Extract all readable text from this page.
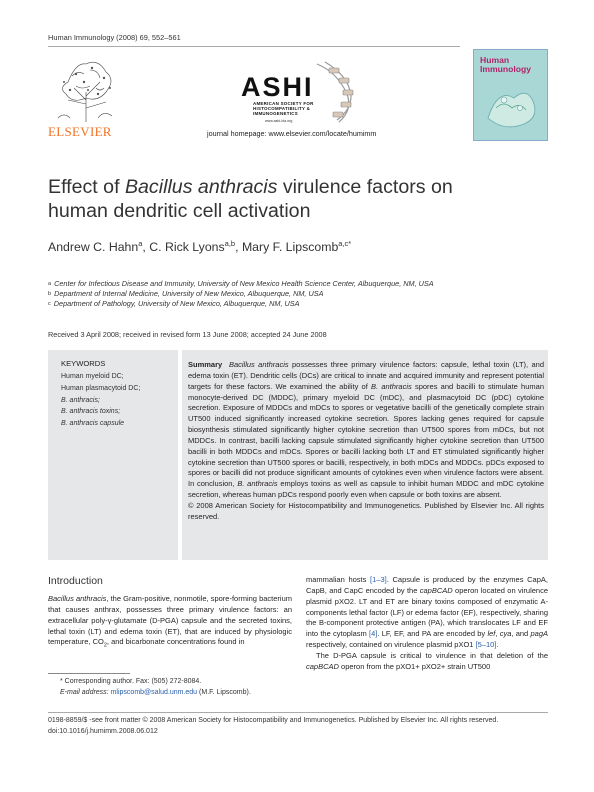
Human Immunology (2008) 69, 552–561
ELSEVIER
ASHI
AMERICAN SOCIETY FOR HISTOCOMPATIBILITY & IMMUNOGENETICS
www.ashi-hla.org
journal homepage: www.elsevier.com/locate/humimm
Human Immunology
Effect of Bacillus anthracis virulence factors on human dendritic cell activation
Andrew C. Hahn$^a$, C. Rick Lyons$^{a,b}$, Mary F. Lipscomb$^{a,c*}$
$^a$ Center for Infectious Disease and Immunity, University of New Mexico Health Science Center, Albuquerque, NM, USA
$^b$ Department of Internal Medicine, University of New Mexico, Albuquerque, NM, USA
$^c$ Department of Pathology, University of New Mexico, Albuquerque, NM, USA
Received 3 April 2008; received in revised form 13 June 2008; accepted 24 June 2008
KEYWORDS
Human myeloid DC;
Human plasmacytoid DC;
B. anthracis;
B. anthracis toxins;
B. anthracis capsule
Summary Bacillus anthracis possesses three primary virulence factors: capsule, lethal toxin (LT), and edema toxin (ET). Dendritic cells (DCs) are critical to innate and acquired immunity and represent potential targets for these factors. We examined the ability of B. anthracis spores and bacilli to stimulate human monocyte-derived DC (MDDC), primary myeloid DC (mDC), and plasmacytoid DC (pDC) cytokine secretion. Exposure of MDDCs and mDCs to spores or vegetative bacilli of the genetically complete strain UT500 induced significantly increased cytokine secretion. Spores lacking genes required for capsule biosynthesis stimulated significantly higher cytokine secretion than UT500 spores from mDCs, but not MDDCs. In contrast, bacilli lacking capsule stimulated significantly higher cytokine secretion than UT500 bacilli in both MDDCs and mDCs. Spores or bacilli lacking both LT and ET stimulated significantly higher cytokine secretion than UT500 spores or bacilli, respectively, in both mDCs and MDDCs. pDCs exposed to spores or bacilli did not produce significant amounts of cytokines even when virulence factors were absent. In conclusion, B. anthracis employs toxins as well as capsule to inhibit human MDDC and mDC cytokine secretion, whereas human pDCs respond poorly even when capsule or both toxins are absent.
© 2008 American Society for Histocompatibility and Immunogenetics. Published by Elsevier Inc. All rights reserved.
Introduction
Bacillus anthracis, the Gram-positive, nonmotile, spore-forming bacterium that causes anthrax, possesses three primary virulence factors: an extracellular poly-γ-glutamate (D-PGA) capsule and the secreted toxins, lethal toxin (LT) and edema toxin (ET), that are induced by physiologic temperature, $CO_2$, and bicarbonate concentrations found in
mammalian hosts [1–3]. Capsule is produced by the enzymes CapA, CapB, and CapC encoded by the capBCAD operon located on virulence plasmid pXO2. LT and ET are binary toxins composed of enzymatic A-components lethal factor (LF) or edema factor (EF), respectively, sharing the B-component protective antigen (PA), which translocates LF and EF into the cytoplasm [4]. LF, EF, and PA are encoded by lef, cya, and pagA respectively, contained on virulence plasmid pXO1 [5–10].
The D-PGA capsule is critical to virulence in that deletion of the capBCAD operon from the pXO1+ pXO2+ strain UT500
* Corresponding author. Fax: (505) 272-8084.
E-mail address: mlipscomb@salud.unm.edu (M.F. Lipscomb).
0198-8859/$ -see front matter © 2008 American Society for Histocompatibility and Immunogenetics. Published by Elsevier Inc. All rights reserved.
doi:10.1016/j.humimm.2008.06.012
